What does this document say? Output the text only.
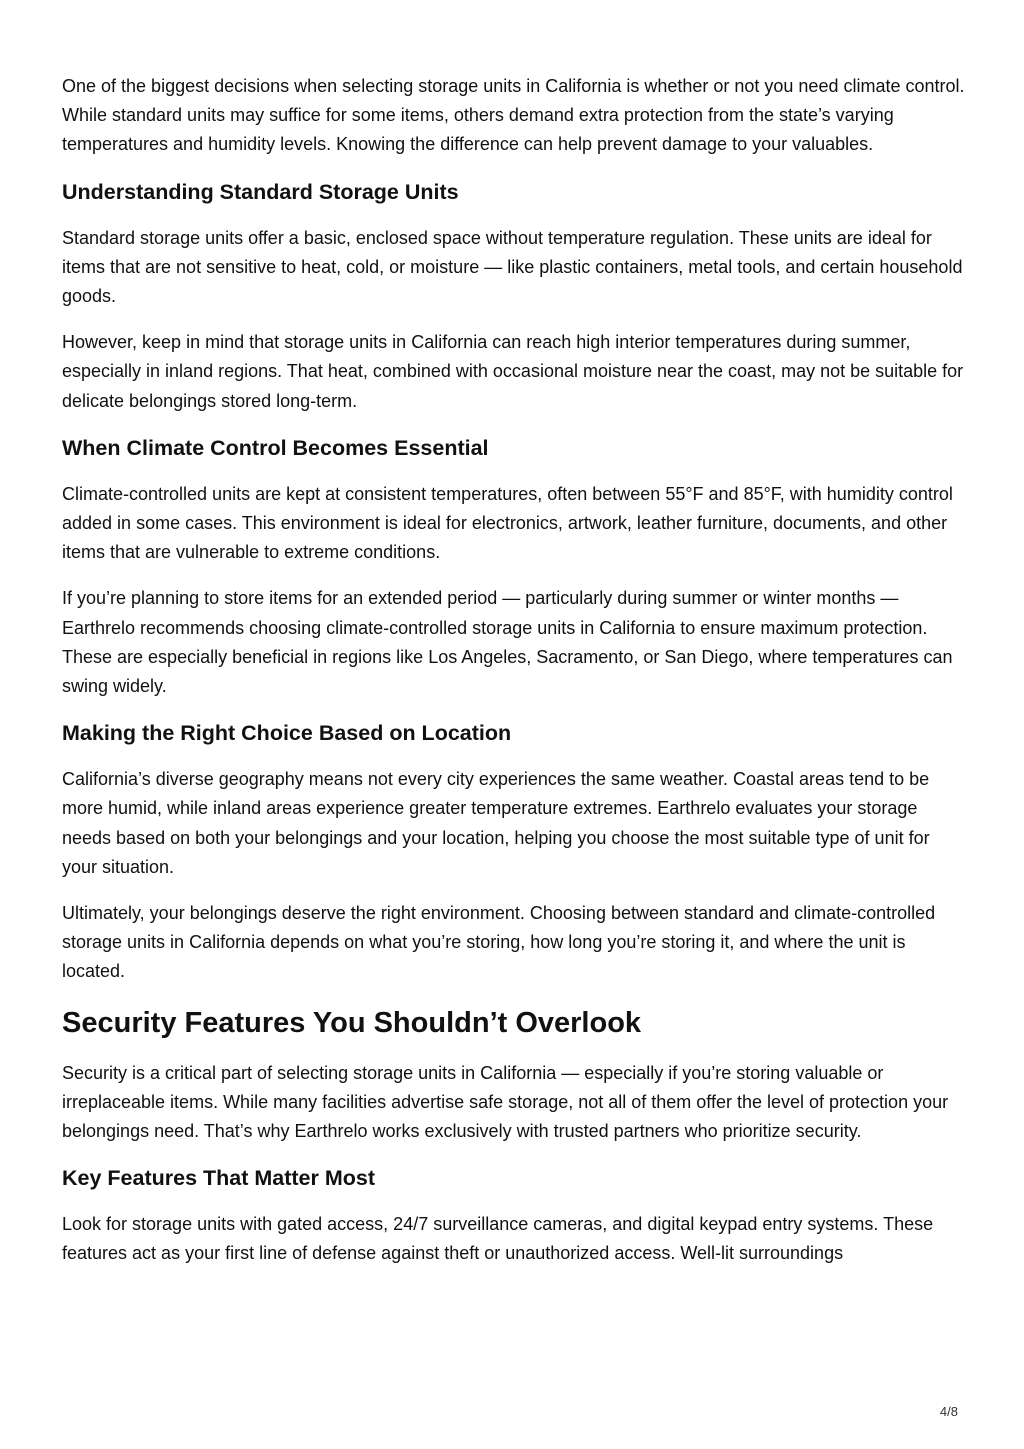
One of the biggest decisions when selecting storage units in California is whether or not you need climate control. While standard units may suffice for some items, others demand extra protection from the state’s varying temperatures and humidity levels. Knowing the difference can help prevent damage to your valuables.

Understanding Standard Storage Units

Standard storage units offer a basic, enclosed space without temperature regulation. These units are ideal for items that are not sensitive to heat, cold, or moisture — like plastic containers, metal tools, and certain household goods.

However, keep in mind that storage units in California can reach high interior temperatures during summer, especially in inland regions. That heat, combined with occasional moisture near the coast, may not be suitable for delicate belongings stored long-term.

When Climate Control Becomes Essential

Climate-controlled units are kept at consistent temperatures, often between 55°F and 85°F, with humidity control added in some cases. This environment is ideal for electronics, artwork, leather furniture, documents, and other items that are vulnerable to extreme conditions.

If you’re planning to store items for an extended period — particularly during summer or winter months — Earthrelo recommends choosing climate-controlled storage units in California to ensure maximum protection. These are especially beneficial in regions like Los Angeles, Sacramento, or San Diego, where temperatures can swing widely.

Making the Right Choice Based on Location

California’s diverse geography means not every city experiences the same weather. Coastal areas tend to be more humid, while inland areas experience greater temperature extremes. Earthrelo evaluates your storage needs based on both your belongings and your location, helping you choose the most suitable type of unit for your situation.

Ultimately, your belongings deserve the right environment. Choosing between standard and climate-controlled storage units in California depends on what you’re storing, how long you’re storing it, and where the unit is located.

Security Features You Shouldn’t Overlook

Security is a critical part of selecting storage units in California — especially if you’re storing valuable or irreplaceable items. While many facilities advertise safe storage, not all of them offer the level of protection your belongings need. That’s why Earthrelo works exclusively with trusted partners who prioritize security.

Key Features That Matter Most

Look for storage units with gated access, 24/7 surveillance cameras, and digital keypad entry systems. These features act as your first line of defense against theft or unauthorized access. Well-lit surroundings

4/8
